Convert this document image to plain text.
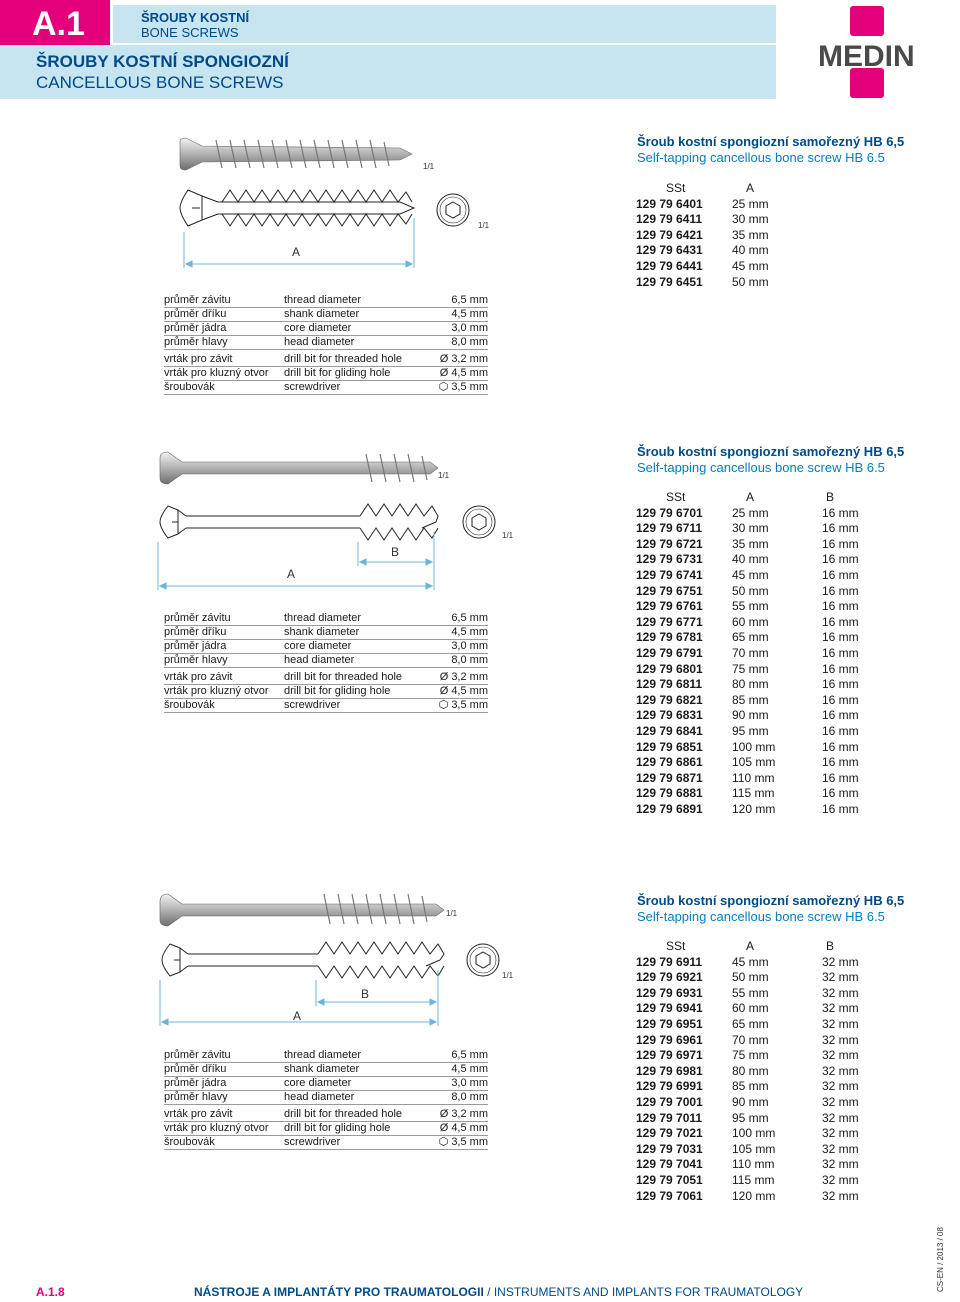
A.1	ŠROUBY KOSTNÍ
BONE SCREWS
ŠROUBY KOSTNÍ SPONGIOZNÍ
CANCELLOUS BONE SCREWS
MEDIN
1/1
A
1/1
průměr závitu	thread diameter	6,5 mm
průměr dříku	shank diameter	4,5 mm
průměr jádra	core diameter	3,0 mm
průměr hlavy	head diameter	8,0 mm

vrták pro závit	drill bit for threaded hole	Ø 3,2 mm
vrták pro kluzný otvor	drill bit for gliding hole	Ø 4,5 mm
šroubovák	screwdriver	⬡ 3,5 mm
Šroub kostní spongiozní samořezný HB 6,5
Self-tapping cancellous bone screw HB 6.5
SSt	A
129 79 6401	25 mm
129 79 6411	30 mm
129 79 6421	35 mm
129 79 6431	40 mm
129 79 6441	45 mm
129 79 6451	50 mm
1/1
A
B
1/1
průměr závitu	thread diameter	6,5 mm
průměr dříku	shank diameter	4,5 mm
průměr jádra	core diameter	3,0 mm
průměr hlavy	head diameter	8,0 mm

vrták pro závit	drill bit for threaded hole	Ø 3,2 mm
vrták pro kluzný otvor	drill bit for gliding hole	Ø 4,5 mm
šroubovák	screwdriver	⬡ 3,5 mm
Šroub kostní spongiozní samořezný HB 6,5
Self-tapping cancellous bone screw HB 6.5
SSt	A	B
129 79 6701	25 mm	16 mm
129 79 6711	30 mm	16 mm
129 79 6721	35 mm	16 mm
129 79 6731	40 mm	16 mm
129 79 6741	45 mm	16 mm
129 79 6751	50 mm	16 mm
129 79 6761	55 mm	16 mm
129 79 6771	60 mm	16 mm
129 79 6781	65 mm	16 mm
129 79 6791	70 mm	16 mm
129 79 6801	75 mm	16 mm
129 79 6811	80 mm	16 mm
129 79 6821	85 mm	16 mm
129 79 6831	90 mm	16 mm
129 79 6841	95 mm	16 mm
129 79 6851	100 mm	16 mm
129 79 6861	105 mm	16 mm
129 79 6871	110 mm	16 mm
129 79 6881	115 mm	16 mm
129 79 6891	120 mm	16 mm
1/1
A
B
1/1
průměr závitu	thread diameter	6,5 mm
průměr dříku	shank diameter	4,5 mm
průměr jádra	core diameter	3,0 mm
průměr hlavy	head diameter	8,0 mm

vrták pro závit	drill bit for threaded hole	Ø 3,2 mm
vrták pro kluzný otvor	drill bit for gliding hole	Ø 4,5 mm
šroubovák	screwdriver	⬡ 3,5 mm
Šroub kostní spongiozní samořezný HB 6,5
Self-tapping cancellous bone screw HB 6.5
SSt	A	B
129 79 6911	45 mm	32 mm
129 79 6921	50 mm	32 mm
129 79 6931	55 mm	32 mm
129 79 6941	60 mm	32 mm
129 79 6951	65 mm	32 mm
129 79 6961	70 mm	32 mm
129 79 6971	75 mm	32 mm
129 79 6981	80 mm	32 mm
129 79 6991	85 mm	32 mm
129 79 7001	90 mm	32 mm
129 79 7011	95 mm	32 mm
129 79 7021	100 mm	32 mm
129 79 7031	105 mm	32 mm
129 79 7041	110 mm	32 mm
129 79 7051	115 mm	32 mm
129 79 7061	120 mm	32 mm
A.1.8	NÁSTROJE A IMPLANTÁTY PRO TRAUMATOLOGII / INSTRUMENTS AND IMPLANTS FOR TRAUMATOLOGY	CS-EN / 2013 / 08
